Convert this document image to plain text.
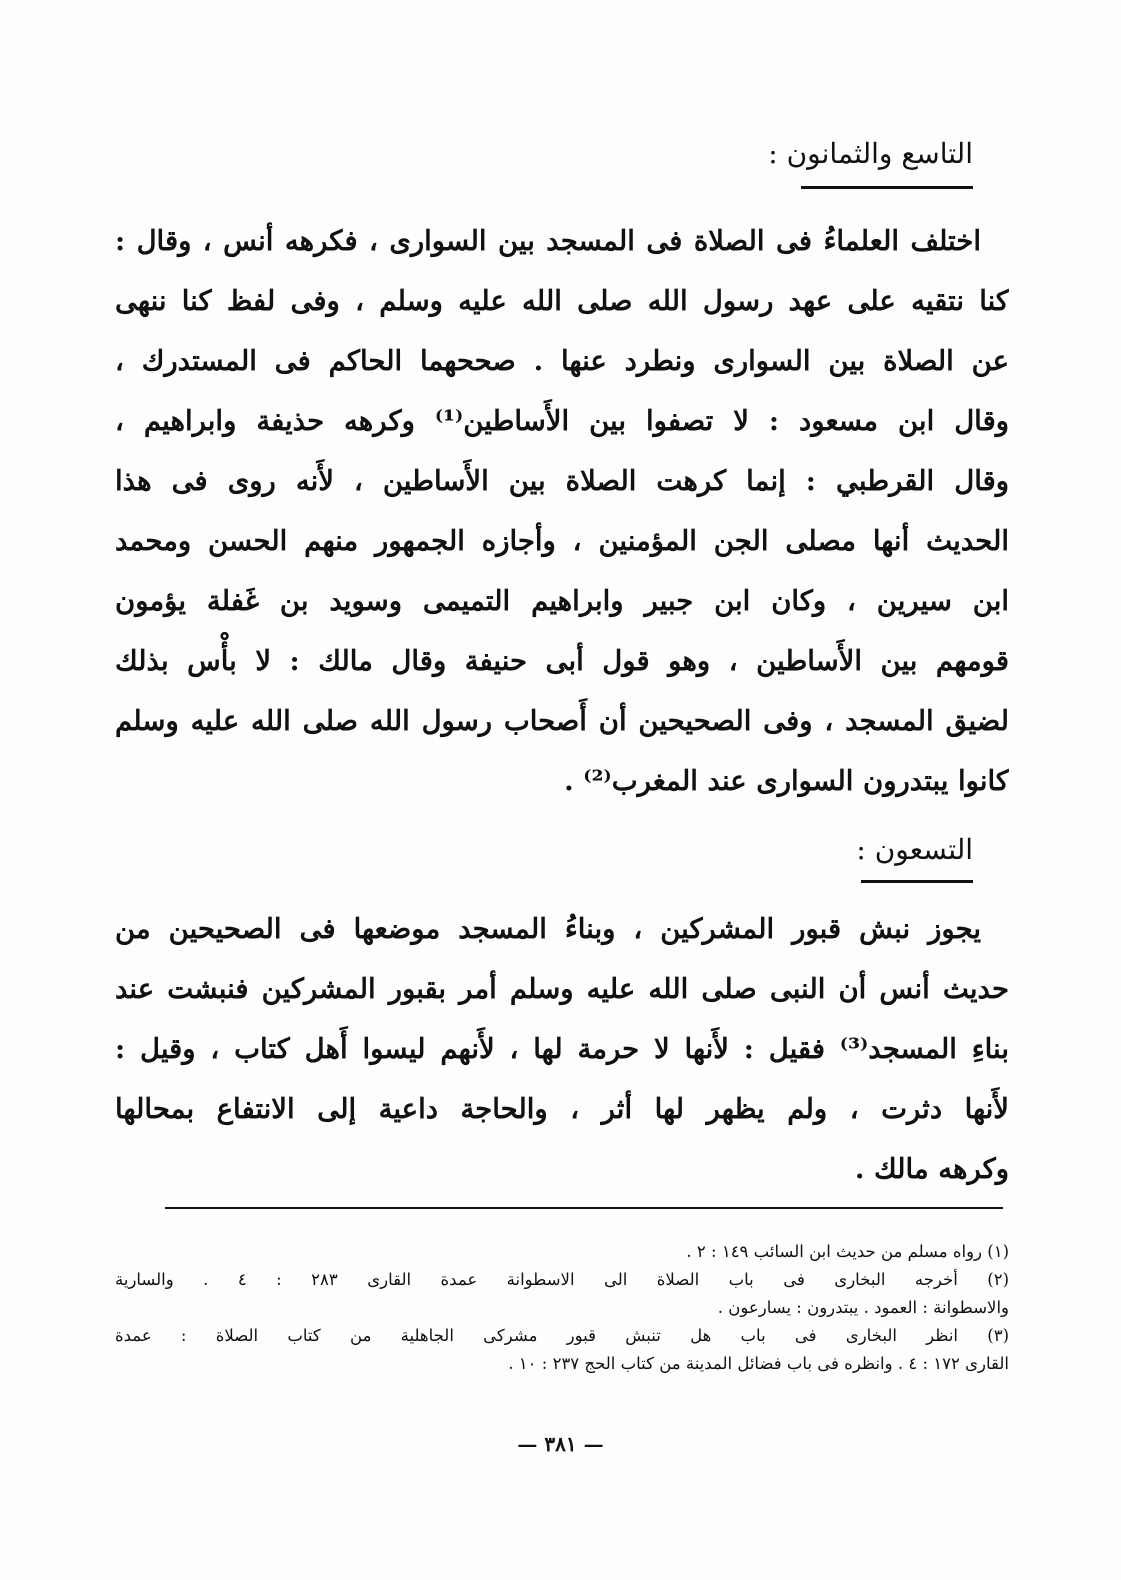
التاسع والثمانون :
اختلف العلماءُ فى الصلاة فى المسجد بين السوارى ، فكرهه أنس ، وقال :
كنا نتقيه على عهد رسول الله صلى الله عليه وسلم ، وفى لفظ كنا ننهى
عن الصلاة بين السوارى ونطرد عنها . صححهما الحاكم فى المستدرك ،
وقال ابن مسعود : لا تصفوا بين الأَساطين⁽¹⁾ وكرهه حذيفة وابراهيم ،
وقال القرطبي : إنما كرهت الصلاة بين الأَساطين ، لأَنه روى فى هذا
الحديث أنها مصلى الجن المؤمنين ، وأجازه الجمهور منهم الحسن ومحمد
ابن سيرين ، وكان ابن جبير وابراهيم التميمى وسويد بن غَفلة يؤمون
قومهم بين الأَساطين ، وهو قول أبى حنيفة وقال مالك : لا بأْس بذلك
لضيق المسجد ، وفى الصحيحين أن أَصحاب رسول الله صلى الله عليه وسلم
كانوا يبتدرون السوارى عند المغرب⁽²⁾ .
التسعون :
يجوز نبش قبور المشركين ، وبناءُ المسجد موضعها فى الصحيحين من
حديث أنس أن النبى صلى الله عليه وسلم أمر بقبور المشركين فنبشت عند
بناءِ المسجد⁽³⁾ فقيل : لأَنها لا حرمة لها ، لأَنهم ليسوا أَهل كتاب ، وقيل :
لأَنها دثرت ، ولم يظهر لها أثر ، والحاجة داعية إلى الانتفاع بمحالها
وكرهه مالك .
(١) رواه مسلم من حديث ابن السائب ١٤٩ : ٢ .
(٢) أخرجه البخارى فى باب الصلاة الى الاسطوانة عمدة القارى ٢٨٣ : ٤ . والسارية
والاسطوانة : العمود . يبتدرون : يسارعون .
(٣) انظر البخارى فى باب هل تنبش قبور مشركى الجاهلية من كتاب الصلاة : عمدة
القارى ١٧٢ : ٤ . وانظره فى باب فضائل المدينة من كتاب الحج ٢٣٧ : ١٠ .
— ٣٨١ —
